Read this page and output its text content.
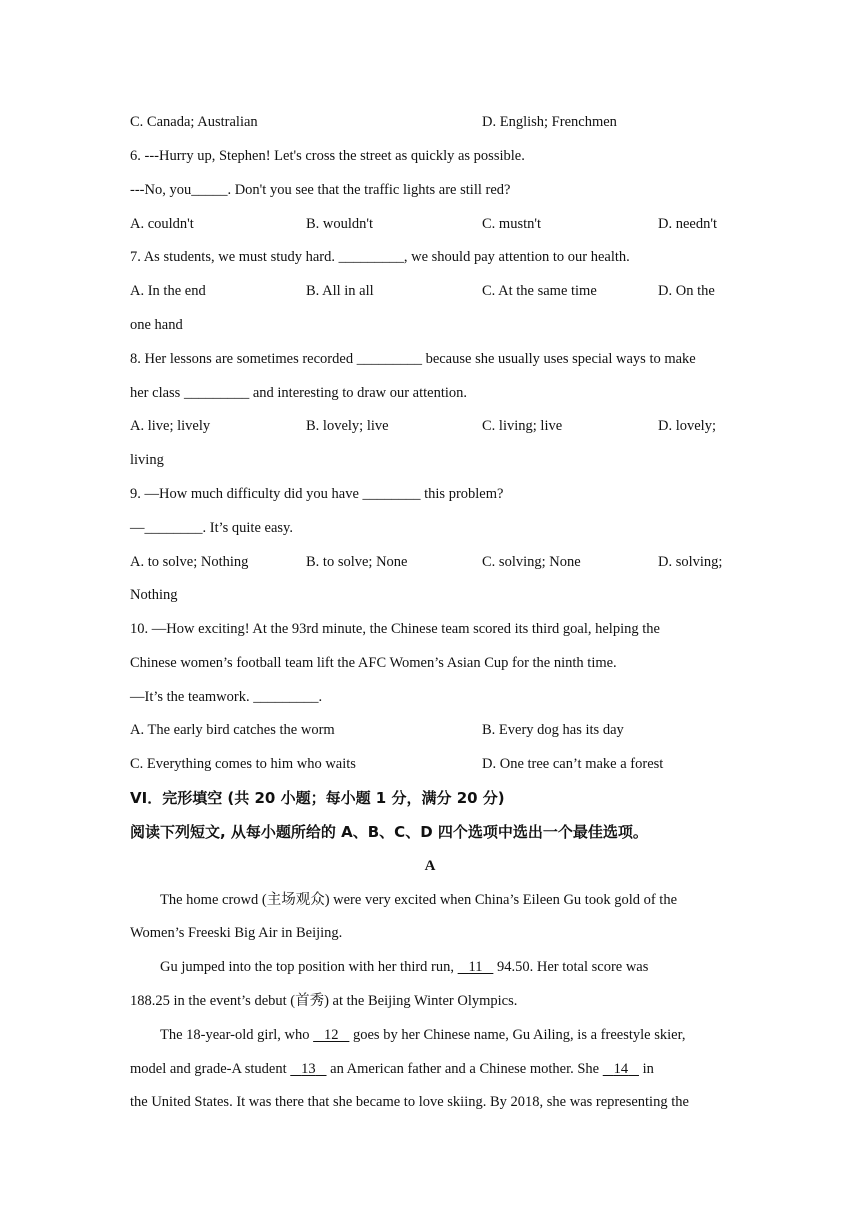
C. Canada; Australian	D. English; Frenchmen
6. ---Hurry up, Stephen! Let's cross the street as quickly as possible.
---No, you_____. Don't you see that the traffic lights are still red?
A. couldn't	B. wouldn't	C. mustn't	D. needn't
7. As students, we must study hard. _________, we should pay attention to our health.
A. In the end	B. All in all	C. At the same time	D. On the
one hand
8. Her lessons are sometimes recorded _________ because she usually uses special ways to make
her class _________ and interesting to draw our attention.
A. live; lively	B. lovely; live	C. living; live	D. lovely;
living
9. —How much difficulty did you have ________ this problem?
—________. It’s quite easy.
A. to solve; Nothing	B. to solve; None	C. solving; None	D. solving;
Nothing
10. —How exciting! At the 93rd minute, the Chinese team scored its third goal, helping the
Chinese women’s football team lift the AFC Women’s Asian Cup for the ninth time.
—It’s the teamwork. _________.
A. The early bird catches the worm	B. Every dog has its day
C. Everything comes to him who waits	D. One tree can’t make a forest
VI．完形填空 (共 20 小题；每小题 1 分，满分 20 分)
阅读下列短文, 从每小题所给的 A、B、C、D 四个选项中选出一个最佳选项。
A
The home crowd (主场观众) were very excited when China’s Eileen Gu took gold of the
Women’s Freeski Big Air in Beijing.
Gu jumped into the top position with her third run, 11 94.50. Her total score was
188.25 in the event’s debut (首秀) at the Beijing Winter Olympics.
The 18-year-old girl, who 12 goes by her Chinese name, Gu Ailing, is a freestyle skier,
model and grade-A student 13 an American father and a Chinese mother. She 14 in
the United States. It was there that she became to love skiing. By 2018, she was representing the
